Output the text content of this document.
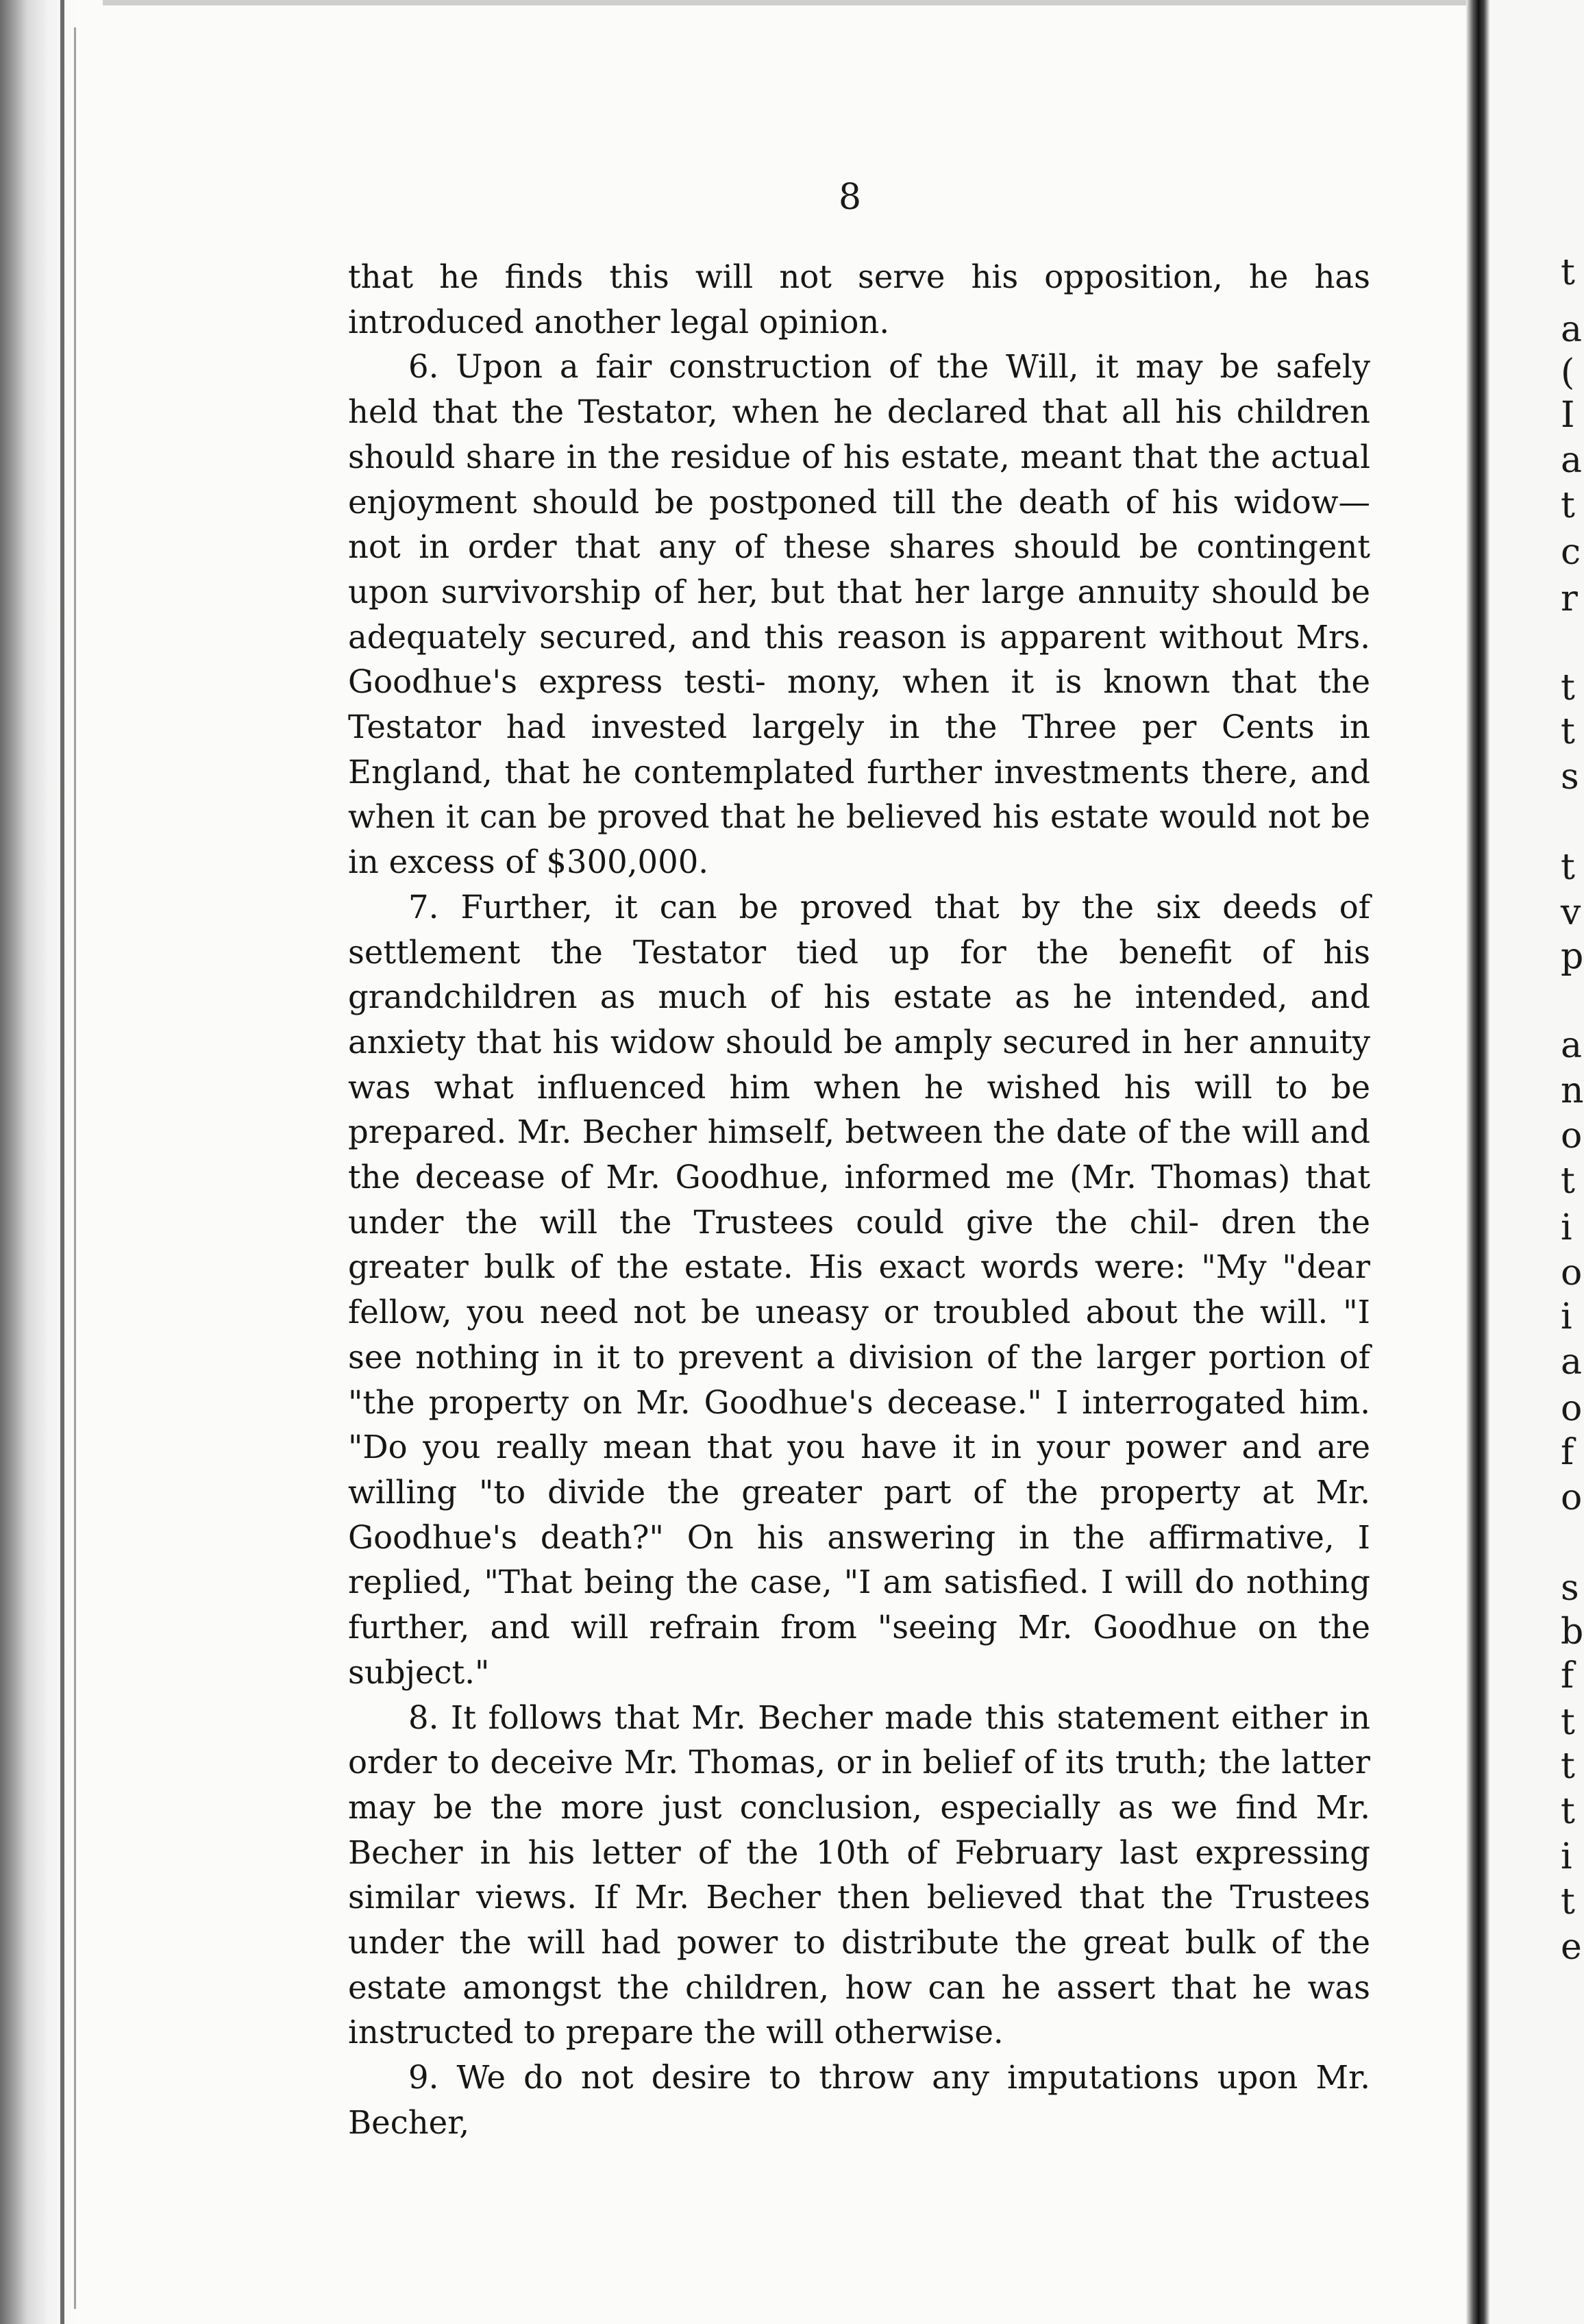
8

that he finds this will not serve his opposition, he has introduced another legal opinion.

6. Upon a fair construction of the Will, it may be safely held that the Testator, when he declared that all his children should share in the residue of his estate, meant that the actual enjoyment should be postponed till the death of his widow—not in order that any of these shares should be contingent upon survivorship of her, but that her large annuity should be adequately secured, and this reason is apparent without Mrs. Goodhue's express testi- mony, when it is known that the Testator had invested largely in the Three per Cents in England, that he contemplated further investments there, and when it can be proved that he believed his estate would not be in excess of $300,000.

7. Further, it can be proved that by the six deeds of settlement the Testator tied up for the benefit of his grandchildren as much of his estate as he intended, and anxiety that his widow should be amply secured in her annuity was what influenced him when he wished his will to be prepared. Mr. Becher himself, between the date of the will and the decease of Mr. Goodhue, informed me (Mr. Thomas) that under the will the Trustees could give the chil- dren the greater bulk of the estate. His exact words were: "My "dear fellow, you need not be uneasy or troubled about the will. "I see nothing in it to prevent a division of the larger portion of "the property on Mr. Goodhue's decease." I interrogated him. "Do you really mean that you have it in your power and are willing "to divide the greater part of the property at Mr. Goodhue's death?" On his answering in the affirmative, I replied, "That being the case, "I am satisfied. I will do nothing further, and will refrain from "seeing Mr. Goodhue on the subject."

8. It follows that Mr. Becher made this statement either in order to deceive Mr. Thomas, or in belief of its truth; the latter may be the more just conclusion, especially as we find Mr. Becher in his letter of the 10th of February last expressing similar views. If Mr. Becher then believed that the Trustees under the will had power to distribute the great bulk of the estate amongst the children, how can he assert that he was instructed to prepare the will otherwise.

9. We do not desire to throw any imputations upon Mr. Becher,

t
a
(
I
a
t
c
r
t
t
s
t
v
p
a
n
o
t
i
o
i
a
o
f
o
s
b
f
t
t
t
i
t
e
